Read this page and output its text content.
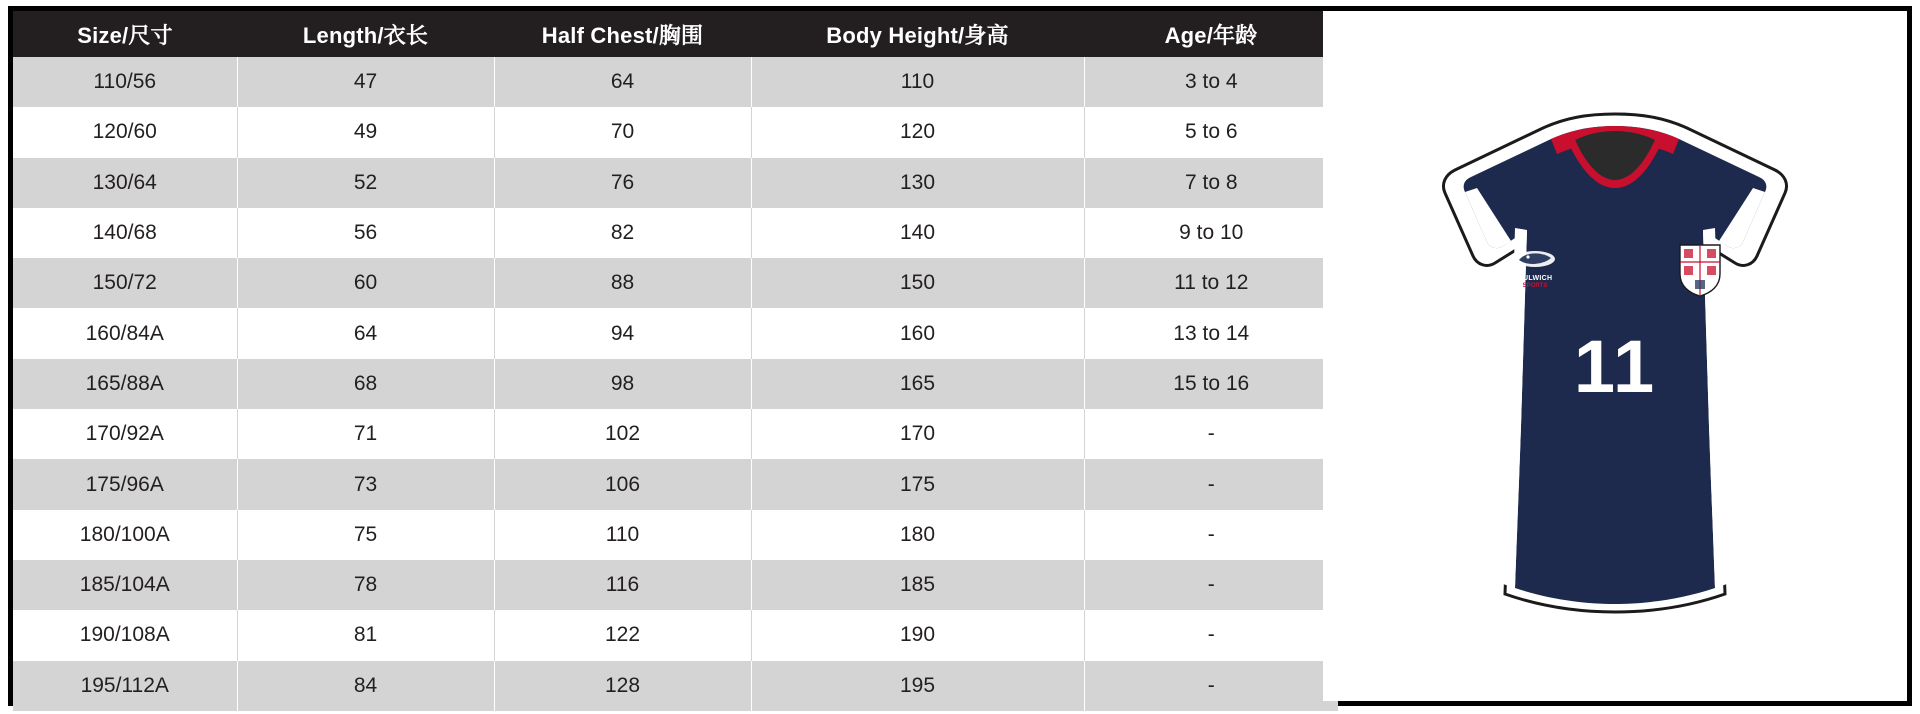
Size/尺寸	Length/衣长	Half Chest/胸围	Body Height/身高	Age/年龄
110/56	47	64	110	3 to 4
120/60	49	70	120	5 to 6
130/64	52	76	130	7 to 8
140/68	56	82	140	9 to 10
150/72	60	88	150	11 to 12
160/84A	64	94	160	13 to 14
165/88A	68	98	165	15 to 16
170/92A	71	102	170	-
175/96A	73	106	175	-
180/100A	75	110	180	-
185/104A	78	116	185	-
190/108A	81	122	190	-
195/112A	84	128	195	-
DULWICH
SPORTS
11
